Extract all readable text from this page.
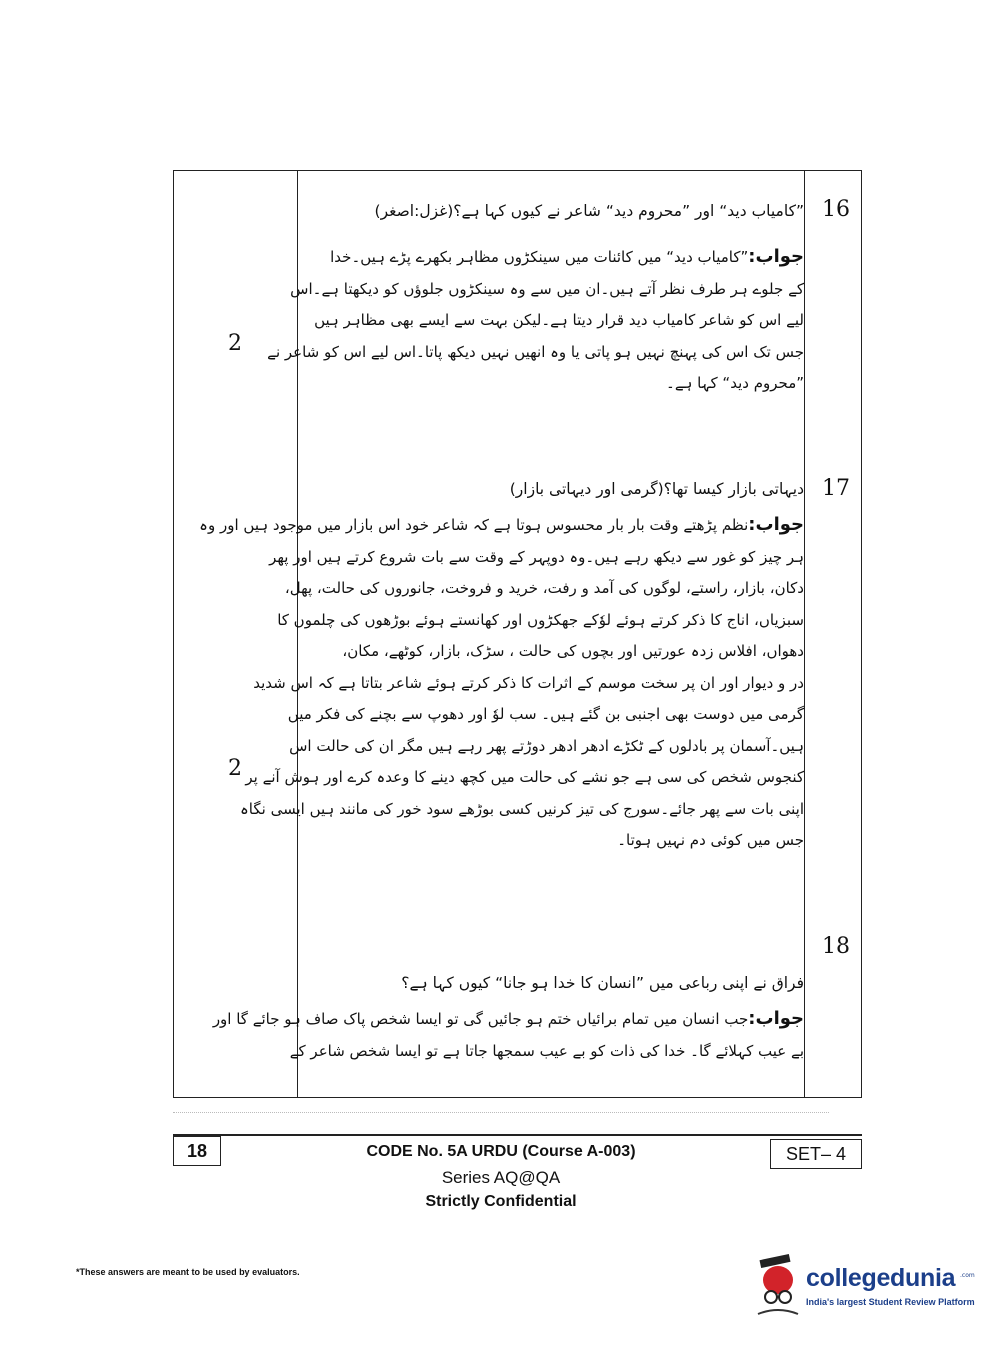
16
”کامیاب دید“ اور ”محروم دید“ شاعر نے کیوں کہا ہے؟(غزل:اصغر)

جواب:”کامیاب دید“ میں کائنات میں سینکڑوں مظاہر بکھرے پڑے ہیں۔خدا

کے جلوے ہر طرف نظر آتے ہیں۔ان میں سے وہ سینکڑوں جلوؤں کو دیکھتا ہے۔اس

لیے اس کو شاعر کامیاب دید قرار دیتا ہے۔لیکن بہت سے ایسے بھی مظاہر ہیں

جس تک اس کی پہنچ نہیں ہو پاتی یا وہ انھیں نہیں دیکھ پاتا۔اس لیے اس کو شاعر نے

”محروم دید“ کہا ہے۔

2
17
دیہاتی بازار کیسا تھا؟(گرمی اور دیہاتی بازار)

جواب:نظم پڑھتے وقت بار بار محسوس ہوتا ہے کہ شاعر خود اس بازار میں موجود ہیں اور وہ

ہر چیز کو غور سے دیکھ رہے ہیں۔وہ دوپہر کے وقت سے بات شروع کرتے ہیں اور پھر

دکان، بازار، راستے، لوگوں کی آمد و رفت، خرید و فروخت، جانوروں کی حالت، پھل،

سبزیاں، اناج کا ذکر کرتے ہوئے لوٗکے جھکڑوں اور کھانستے ہوئے بوڑھوں کی چلموں کا

دھواں، افلاس زدہ عورتیں اور بچوں کی حالت ، سڑک، بازار، کوٹھے، مکان،

در و دیوار اور ان پر سخت موسم کے اثرات کا ذکر کرتے ہوئے شاعر بتاتا ہے کہ اس شدید

گرمی میں دوست بھی اجنبی بن گئے ہیں۔ سب لوٗ اور دھوپ سے بچنے کی فکر میں

ہیں۔آسمان پر بادلوں کے ٹکڑے ادھر ادھر دوڑتے پھر رہے ہیں مگر ان کی حالت اس

کنجوس شخص کی سی ہے جو نشے کی حالت میں کچھ دینے کا وعدہ کرے اور ہوش آنے پر

اپنی بات سے پھر جائے۔سورج کی تیز کرنیں کسی بوڑھے سود خور کی مانند ہیں ایسی نگاہ

جس میں کوئی دم نہیں ہوتا۔

2
18
فراق نے اپنی رباعی میں ”انسان کا خدا ہو جانا“ کیوں کہا ہے؟

جواب:جب انسان میں تمام برائیاں ختم ہو جائیں گی تو ایسا شخص پاک صاف ہو جائے گا اور

بے عیب کہلائے گا۔ خدا کی ذات کو بے عیب سمجھا جاتا ہے تو ایسا شخص شاعر کے

18	CODE No. 5A URDU (Course A-003)
Series AQ@QA
Strictly Confidential
SET– 4
*These answers are meant to be used by evaluators.	collegedunia .com
India's largest Student Review Platform
